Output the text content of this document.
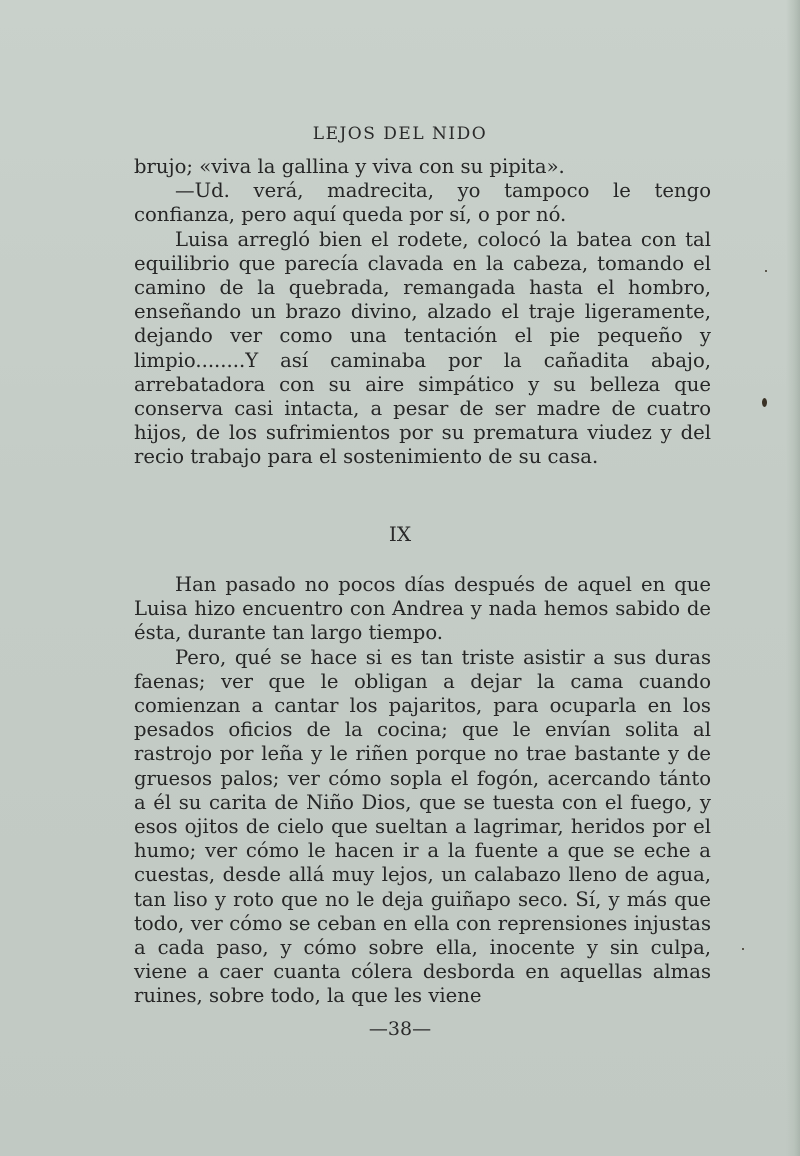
LEJOS DEL NIDO

brujo; «viva la gallina y viva con su pipita».

—Ud. verá, madrecita, yo tampoco le tengo confianza, pero aquí queda por sí, o por nó.

Luisa arregló bien el rodete, colocó la batea con tal equilibrio que parecía clavada en la cabeza, tomando el camino de la quebrada, remangada hasta el hombro, enseñando un brazo divino, alzado el traje ligeramente, dejando ver como una tentación el pie pequeño y limpio........Y así caminaba por la cañadita abajo, arrebatadora con su aire simpático y su belleza que conserva casi intacta, a pesar de ser madre de cuatro hijos, de los sufrimientos por su prematura viudez y del recio trabajo para el sostenimiento de su casa.

IX

Han pasado no pocos días después de aquel en que Luisa hizo encuentro con Andrea y nada hemos sabido de ésta, durante tan largo tiempo.

Pero, qué se hace si es tan triste asistir a sus duras faenas; ver que le obligan a dejar la cama cuando comienzan a cantar los pajaritos, para ocuparla en los pesados oficios de la cocina; que le envían solita al rastrojo por leña y le riñen porque no trae bastante y de gruesos palos; ver cómo sopla el fogón, acercando tánto a él su carita de Niño Dios, que se tuesta con el fuego, y esos ojitos de cielo que sueltan a lagrimar, heridos por el humo; ver cómo le hacen ir a la fuente a que se eche a cuestas, desde allá muy lejos, un calabazo lleno de agua, tan liso y roto que no le deja guiñapo seco. Sí, y más que todo, ver cómo se ceban en ella con reprensiones injustas a cada paso, y cómo sobre ella, inocente y sin culpa, viene a caer cuanta cólera desborda en aquellas almas ruines, sobre todo, la que les viene

—38—
